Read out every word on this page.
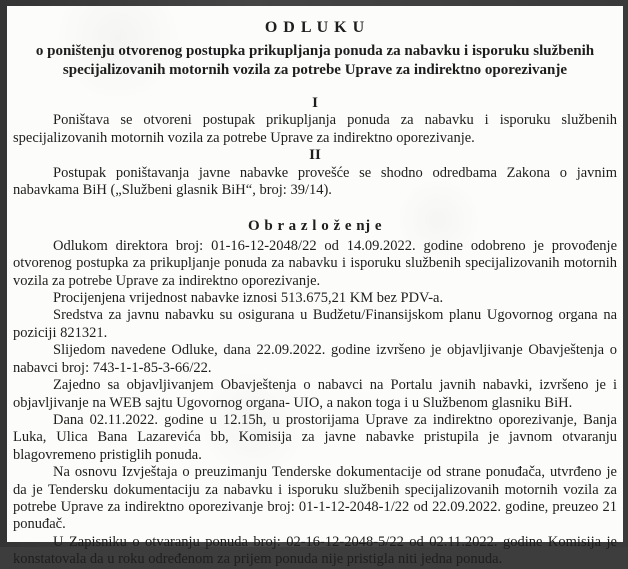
O D L U K U
o poništenju otvorenog postupka prikupljanja ponuda za nabavku i isporuku službenih
specijalizovanih motornih vozila za potrebe Uprave za indirektno oporezivanje
I

Poništava se otvoreni postupak prikupljanja ponuda za nabavku i isporuku službenih specijalizovanih motornih vozila za potrebe Uprave za indirektno oporezivanje.

II

Postupak poništavanja javne nabavke provešće se shodno odredbama Zakona o javnim nabavkama BiH („Službeni glasnik BiH“, broj: 39/14).

O b r a z l o ž e nj e

Odlukom direktora broj: 01-16-12-2048/22 od 14.09.2022. godine odobreno je provođenje otvorenog postupka za prikupljanje ponuda za nabavku i isporuku službenih specijalizovanih motornih vozila za potrebe Uprave za indirektno oporezivanje.

Procijenjena vrijednost nabavke iznosi 513.675,21 KM bez PDV-a.

Sredstva za javnu nabavku su osigurana u Budžetu/Finansijskom planu Ugovornog organa na poziciji 821321.

Slijedom navedene Odluke, dana 22.09.2022. godine izvršeno je objavljivanje Obavještenja o nabavci broj: 743-1-1-85-3-66/22.

Zajedno sa objavljivanjem Obavještenja o nabavci na Portalu javnih nabavki, izvršeno je i objavljivanje na WEB sajtu Ugovornog organa- UIO, a nakon toga i u Službenom glasniku BiH.

Dana 02.11.2022. godine u 12.15h, u prostorijama Uprave za indirektno oporezivanje, Banja Luka, Ulica Bana Lazarevića bb, Komisija za javne nabavke pristupila je javnom otvaranju blagovremeno pristiglih ponuda.

Na osnovu Izvještaja o preuzimanju Tenderske dokumentacije od strane ponuđača, utvrđeno je da je Tendersku dokumentaciju za nabavku i isporuku službenih specijalizovanih motornih vozila za potrebe Uprave za indirektno oporezivanje broj: 01-1-12-2048-1/22 od 22.09.2022. godine, preuzeo 21 ponuđač.

U Zapisniku o otvaranju ponuda broj: 02-16-12-2048-5/22 od 02.11.2022. godine Komisija je konstatovala da u roku određenom za prijem ponuda nije pristigla niti jedna ponuda.
